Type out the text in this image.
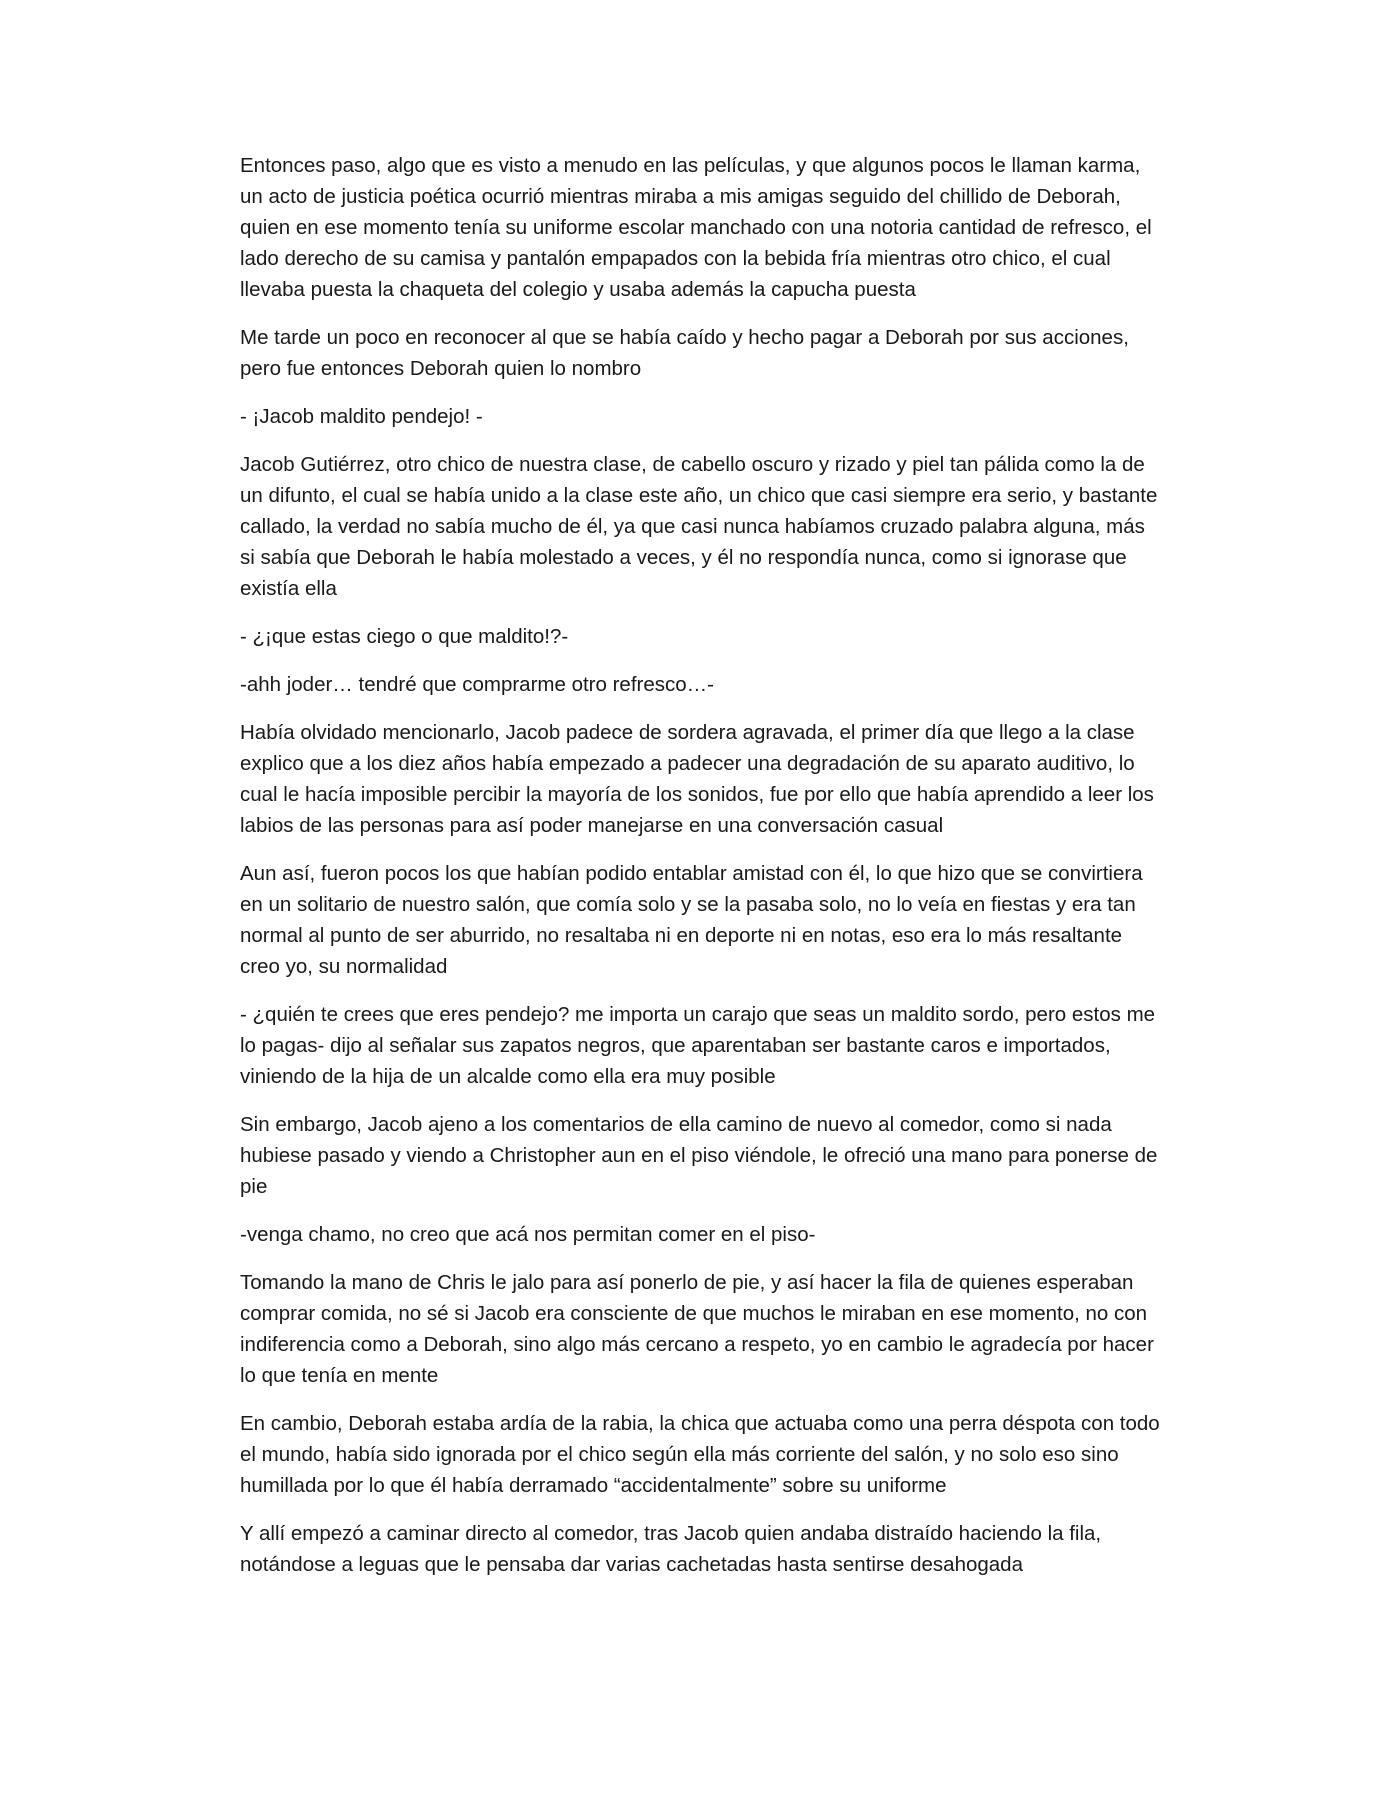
Entonces paso, algo que es visto a menudo en las películas, y que algunos pocos le llaman karma, un acto de justicia poética ocurrió mientras miraba a mis amigas seguido del chillido de Deborah, quien en ese momento tenía su uniforme escolar manchado con una notoria cantidad de refresco, el lado derecho de su camisa y pantalón empapados con la bebida fría mientras otro chico, el cual llevaba puesta la chaqueta del colegio y usaba además la capucha puesta

Me tarde un poco en reconocer al que se había caído y hecho pagar a Deborah por sus acciones, pero fue entonces Deborah quien lo nombro

- ¡Jacob maldito pendejo! -

Jacob Gutiérrez, otro chico de nuestra clase, de cabello oscuro y rizado y piel tan pálida como la de un difunto, el cual se había unido a la clase este año, un chico que casi siempre era serio, y bastante callado, la verdad no sabía mucho de él, ya que casi nunca habíamos cruzado palabra alguna, más si sabía que Deborah le había molestado a veces, y él no respondía nunca, como si ignorase que existía ella

- ¿¡que estas ciego o que maldito!?-

-ahh joder… tendré que comprarme otro refresco…-

Había olvidado mencionarlo, Jacob padece de sordera agravada, el primer día que llego a la clase explico que a los diez años había empezado a padecer una degradación de su aparato auditivo, lo cual le hacía imposible percibir la mayoría de los sonidos, fue por ello que había aprendido a leer los labios de las personas para así poder manejarse en una conversación casual

Aun así, fueron pocos los que habían podido entablar amistad con él, lo que hizo que se convirtiera en un solitario de nuestro salón, que comía solo y se la pasaba solo, no lo veía en fiestas y era tan normal al punto de ser aburrido, no resaltaba ni en deporte ni en notas, eso era lo más resaltante creo yo, su normalidad

- ¿quién te crees que eres pendejo? me importa un carajo que seas un maldito sordo, pero estos me lo pagas- dijo al señalar sus zapatos negros, que aparentaban ser bastante caros e importados, viniendo de la hija de un alcalde como ella era muy posible

Sin embargo, Jacob ajeno a los comentarios de ella camino de nuevo al comedor, como si nada hubiese pasado y viendo a Christopher aun en el piso viéndole, le ofreció una mano para ponerse de pie

-venga chamo, no creo que acá nos permitan comer en el piso-

Tomando la mano de Chris le jalo para así ponerlo de pie, y así hacer la fila de quienes esperaban comprar comida, no sé si Jacob era consciente de que muchos le miraban en ese momento, no con indiferencia como a Deborah, sino algo más cercano a respeto, yo en cambio le agradecía por hacer lo que tenía en mente

En cambio, Deborah estaba ardía de la rabia, la chica que actuaba como una perra déspota con todo el mundo, había sido ignorada por el chico según ella más corriente del salón, y no solo eso sino humillada por lo que él había derramado “accidentalmente” sobre su uniforme

Y allí empezó a caminar directo al comedor, tras Jacob quien andaba distraído haciendo la fila, notándose a leguas que le pensaba dar varias cachetadas hasta sentirse desahogada
